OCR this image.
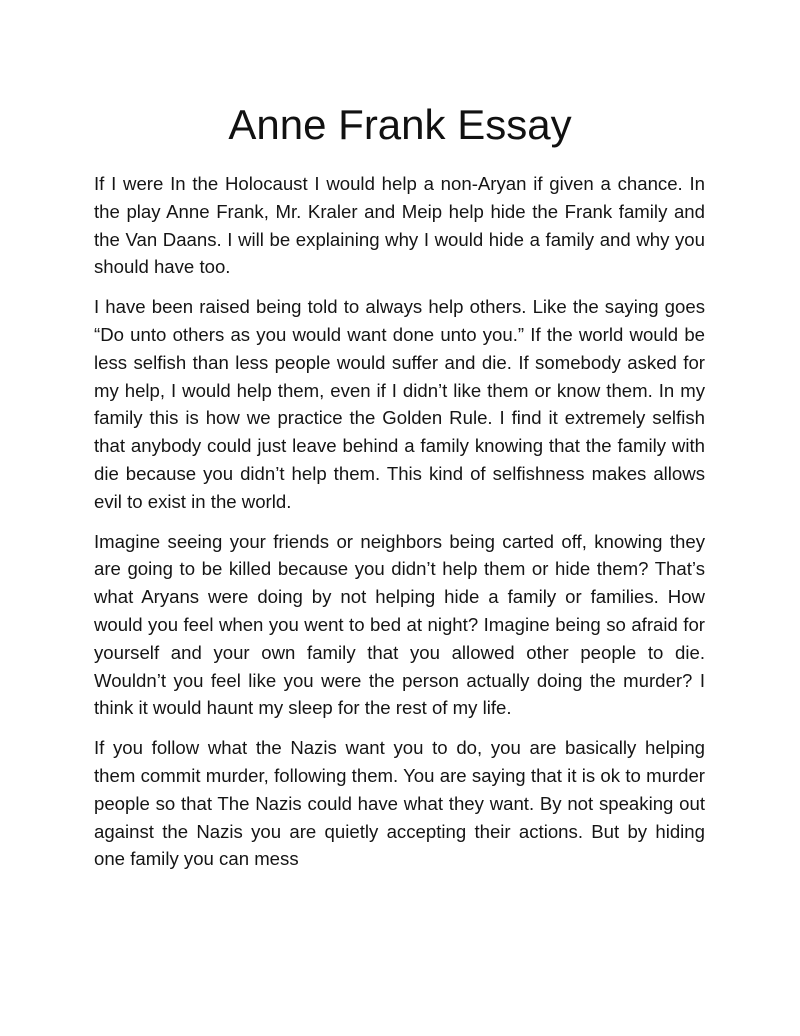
Anne Frank Essay

If I were In the Holocaust I would help a non-Aryan if given a chance. In the play Anne Frank, Mr. Kraler and Meip help hide the Frank family and the Van Daans. I will be explaining why I would hide a family and why you should have too.

I have been raised being told to always help others. Like the saying goes “Do unto others as you would want done unto you.” If the world would be less selfish than less people would suffer and die. If somebody asked for my help, I would help them, even if I didn’t like them or know them. In my family this is how we practice the Golden Rule. I find it extremely selfish that anybody could just leave behind a family knowing that the family with die because you didn’t help them. This kind of selfishness makes allows evil to exist in the world.

Imagine seeing your friends or neighbors being carted off, knowing they are going to be killed because you didn’t help them or hide them? That’s what Aryans were doing by not helping hide a family or families. How would you feel when you went to bed at night? Imagine being so afraid for yourself and your own family that you allowed other people to die. Wouldn’t you feel like you were the person actually doing the murder? I think it would haunt my sleep for the rest of my life.

If you follow what the Nazis want you to do, you are basically helping them commit murder, following them. You are saying that it is ok to murder people so that The Nazis could have what they want. By not speaking out against the Nazis you are quietly accepting their actions. But by hiding one family you can mess
